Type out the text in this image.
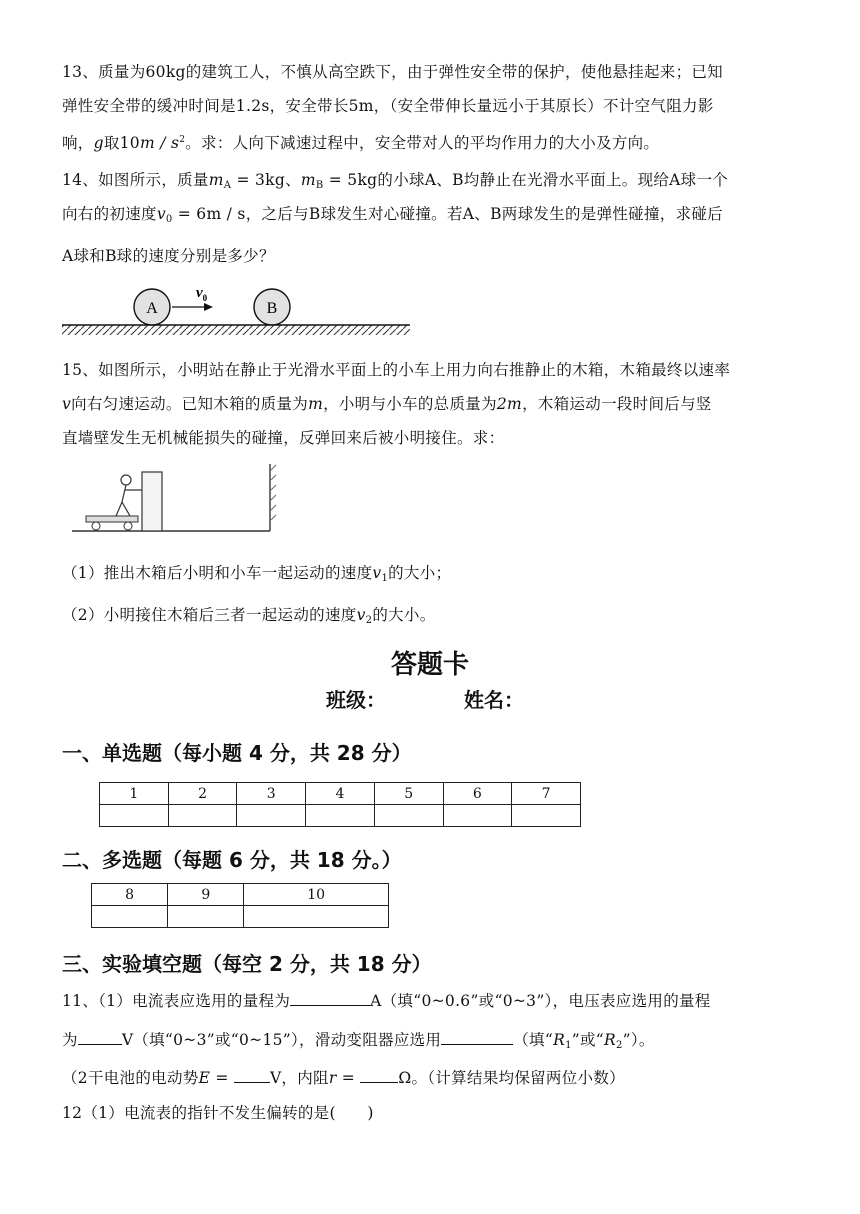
13、质量为60kg的建筑工人，不慎从高空跌下，由于弹性安全带的保护，使他悬挂起来；已知
弹性安全带的缓冲时间是1.2s，安全带长5m，（安全带伸长量远小于其原长）不计空气阻力影
响，g取$10m / s^2$。求：人向下减速过程中，安全带对人的平均作用力的大小及方向。
14、如图所示，质量$m_A = 3kg$、$m_B = 5kg$的小球A、B均静止在光滑水平面上。现给A球一个
向右的初速度$v_0 = 6m / s$，之后与B球发生对心碰撞。若A、B两球发生的是弹性碰撞，求碰后
A球和B球的速度分别是多少？
A	B
$v_0$
15、如图所示，小明站在静止于光滑水平面上的小车上用力向右推静止的木箱，木箱最终以速率
v向右匀速运动。已知木箱的质量为m，小明与小车的总质量为2m，木箱运动一段时间后与竖
直墙壁发生无机械能损失的碰撞，反弹回来后被小明接住。求：
（1）推出木箱后小明和小车一起运动的速度$v_1$的大小；
（2）小明接住木箱后三者一起运动的速度$v_2$的大小。
答题卡
班级：	姓名：
一、单选题（每小题 4 分，共 28 分）
1	2	3	4	5	6	7

二、多选题（每题 6 分，共 18 分。）
8	9	10

三、实验填空题（每空 2 分，共 18 分）
11、（1）电流表应选用的量程为	A（填“0~0.6”或“0~3”），电压表应选用的量程
为	V（填“0~3”或“0~15”），滑动变阻器应选用	（填“$R_1$”或“$R_2$”）。
（2干电池的电动势E = V，内阻r = Ω。（计算结果均保留两位小数）
12（1）电流表的指针不发生偏转的是(　　)
